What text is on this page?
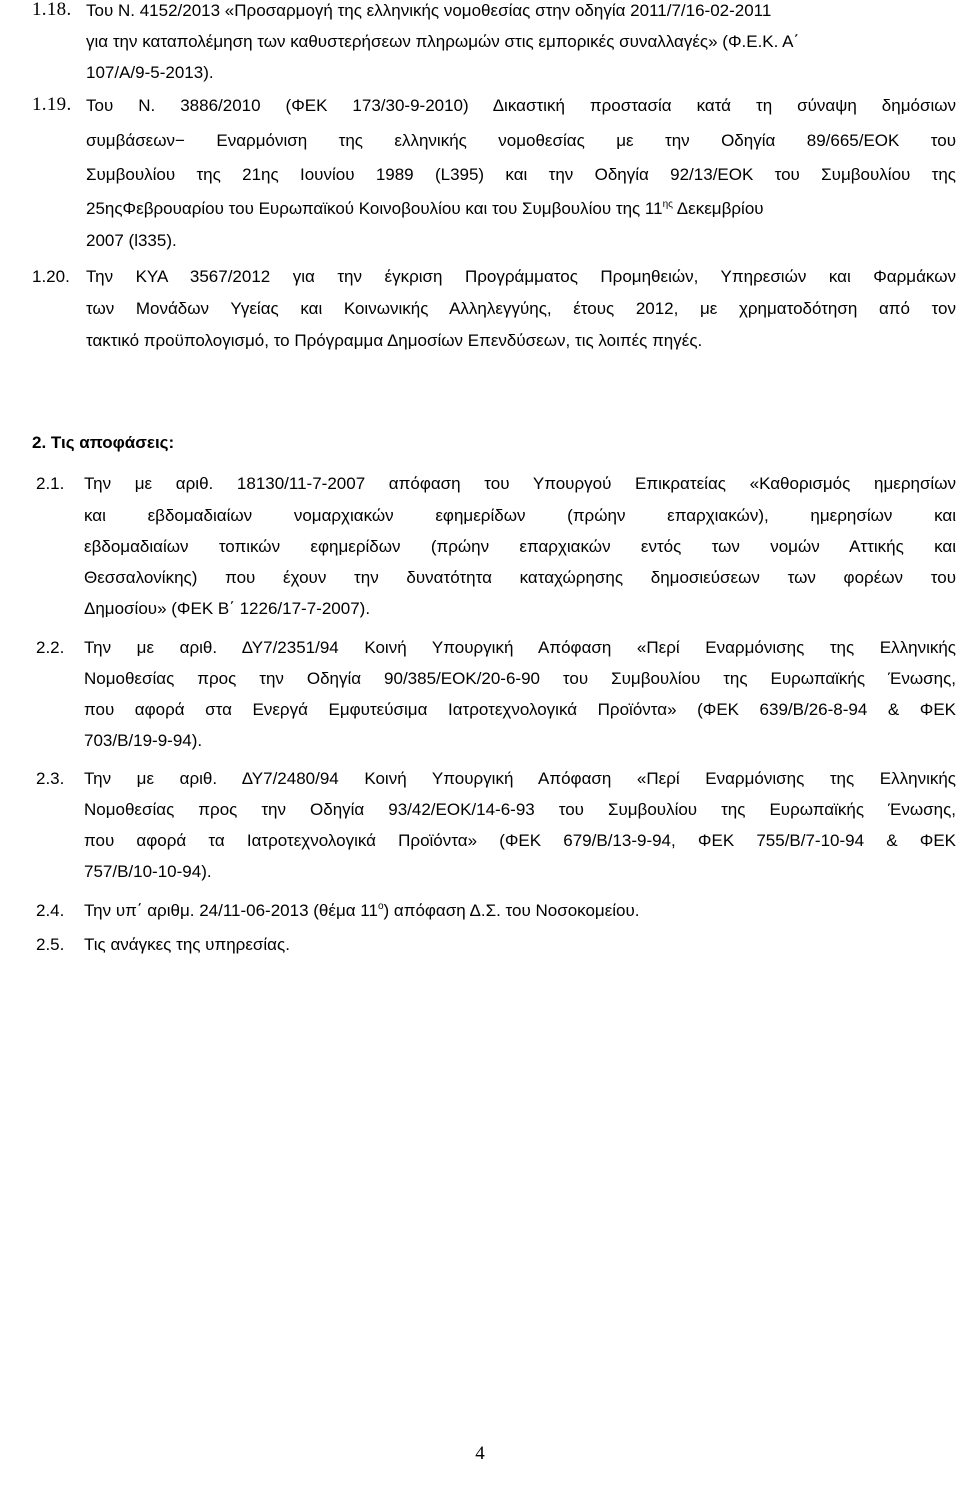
1.18. Του Ν. 4152/2013 «Προσαρμογή της ελληνικής νομοθεσίας στην οδηγία 2011/7/16-02-2011
για την καταπολέμηση των καθυστερήσεων πληρωμών στις εμπορικές συναλλαγές» (Φ.Ε.Κ. Α΄
107/Α/9-5-2013).
1.19. Του Ν. 3886/2010 (ΦΕΚ 173/30-9-2010) Δικαστική προστασία κατά τη σύναψη δημόσιων
συμβάσεων− Εναρμόνιση της ελληνικής νομοθεσίας με την Οδηγία 89/665/ΕΟΚ του
Συμβουλίου της 21ης Ιουνίου 1989 (L395) και την Οδηγία 92/13/ΕΟΚ του Συμβουλίου της
25ηςΦεβρουαρίου του Ευρωπαϊκού Κοινοβουλίου και του Συμβουλίου της $11^{\eta\varsigma}$ Δεκεμβρίου
2007 (l335).
1.20. Την ΚΥΑ 3567/2012 για την έγκριση Προγράμματος Προμηθειών, Υπηρεσιών και Φαρμάκων
των Μονάδων Υγείας και Κοινωνικής Αλληλεγγύης, έτους 2012, με χρηματοδότηση από τον
τακτικό προϋπολογισμό, το Πρόγραμμα Δημοσίων Επενδύσεων, τις λοιπές πηγές.
2. Τις αποφάσεις:
2.1. Την με αριθ. 18130/11-7-2007 απόφαση του Υπουργού Επικρατείας «Καθορισμός ημερησίων
και εβδομαδιαίων νομαρχιακών εφημερίδων (πρώην επαρχιακών), ημερησίων και
εβδομαδιαίων τοπικών εφημερίδων (πρώην επαρχιακών εντός των νομών Αττικής και
Θεσσαλονίκης) που έχουν την δυνατότητα καταχώρησης δημοσιεύσεων των φορέων του
Δημοσίου» (ΦΕΚ Β΄ 1226/17-7-2007).
2.2. Την με αριθ. ΔΥ7/2351/94 Κοινή Υπουργική Απόφαση «Περί Εναρμόνισης της Ελληνικής
Νομοθεσίας προς την Οδηγία 90/385/ΕΟΚ/20-6-90 του Συμβουλίου της Ευρωπαϊκής Ένωσης,
που αφορά στα Ενεργά Εμφυτεύσιμα Ιατροτεχνολογικά Προϊόντα» (ΦΕΚ 639/Β/26-8-94 & ΦΕΚ
703/Β/19-9-94).
2.3. Την με αριθ. ΔΥ7/2480/94 Κοινή Υπουργική Απόφαση «Περί Εναρμόνισης της Ελληνικής
Νομοθεσίας προς την Οδηγία 93/42/ΕΟΚ/14-6-93 του Συμβουλίου της Ευρωπαϊκής Ένωσης,
που αφορά τα Ιατροτεχνολογικά Προϊόντα» (ΦΕΚ 679/Β/13-9-94, ΦΕΚ 755/Β/7-10-94 & ΦΕΚ
757/Β/10-10-94).
2.4. Την υπ΄ αριθμ. 24/11-06-2013 (θέμα $11^o$) απόφαση Δ.Σ. του Νοσοκομείου.
2.5. Τις ανάγκες της υπηρεσίας.
4
